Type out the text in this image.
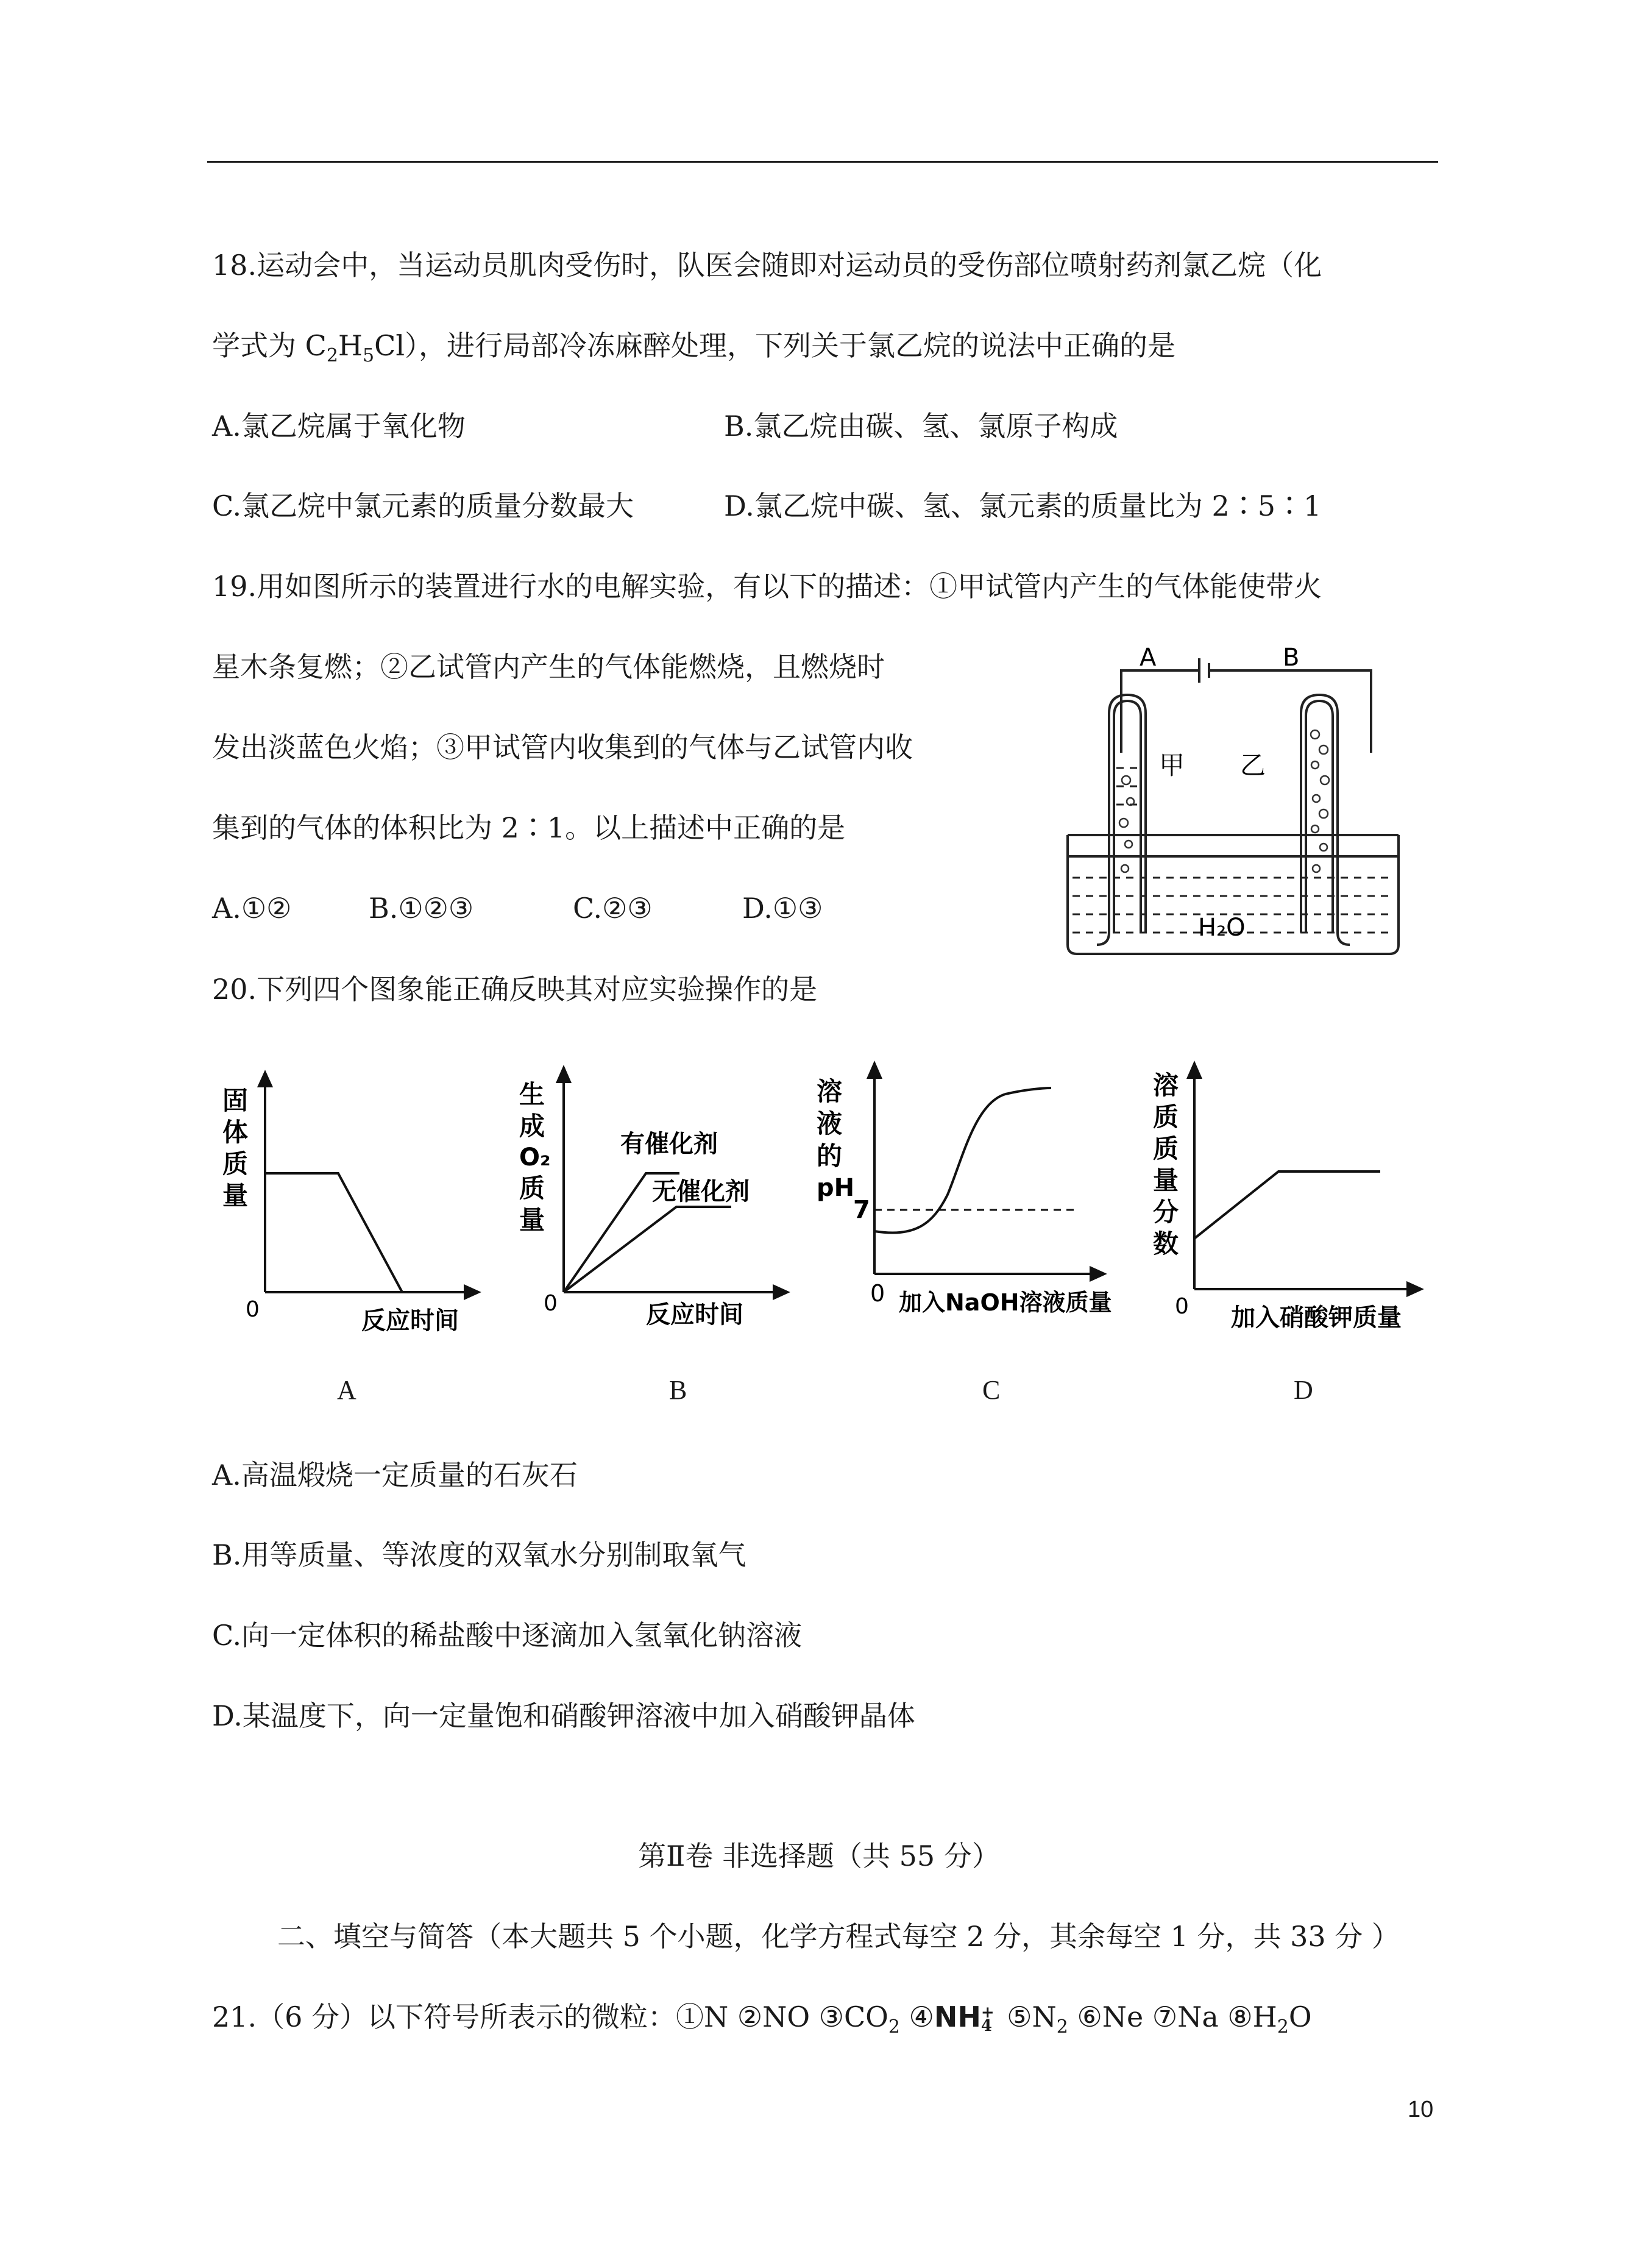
18.运动会中，当运动员肌肉受伤时，队医会随即对运动员的受伤部位喷射药剂氯乙烷（化
学式为 $C_2H_5Cl$），进行局部冷冻麻醉处理，下列关于氯乙烷的说法中正确的是
A.氯乙烷属于氧化物	B.氯乙烷由碳、氢、氯原子构成
C.氯乙烷中氯元素的质量分数最大	D.氯乙烷中碳、氢、氯元素的质量比为 2∶5∶1
19.用如图所示的装置进行水的电解实验，有以下的描述：①甲试管内产生的气体能使带火
星木条复燃；②乙试管内产生的气体能燃烧，且燃烧时
发出淡蓝色火焰；③甲试管内收集到的气体与乙试管内收
集到的气体的体积比为 2∶1。以上描述中正确的是
A.①②	B.①②③	C.②③	D.①③
A	B
甲 乙
H₂O
20.下列四个图象能正确反映其对应实验操作的是
固
体
质
量
0	反应时间
生
成
O₂
质
量
有催化剂
无催化剂
0	反应时间
溶
液
的
pH
7
0 加入NaOH溶液质量
溶
质
质
量
分
数
0 加入硝酸钾质量
A	B	C	D
A.高温煅烧一定质量的石灰石
B.用等质量、等浓度的双氧水分别制取氧气
C.向一定体积的稀盐酸中逐滴加入氢氧化钠溶液
D.某温度下，向一定量饱和硝酸钾溶液中加入硝酸钾晶体
第Ⅱ卷 非选择题（共 55 分）
二、填空与简答（本大题共 5 个小题，化学方程式每空 2 分，其余每空 1 分，共 33 分 ）
21.（6 分）以下符号所表示的微粒：①N ②NO $③CO_2$ ④NH +
4 $⑤N_2$ ⑥Ne ⑦Na $⑧H_2O$
10
